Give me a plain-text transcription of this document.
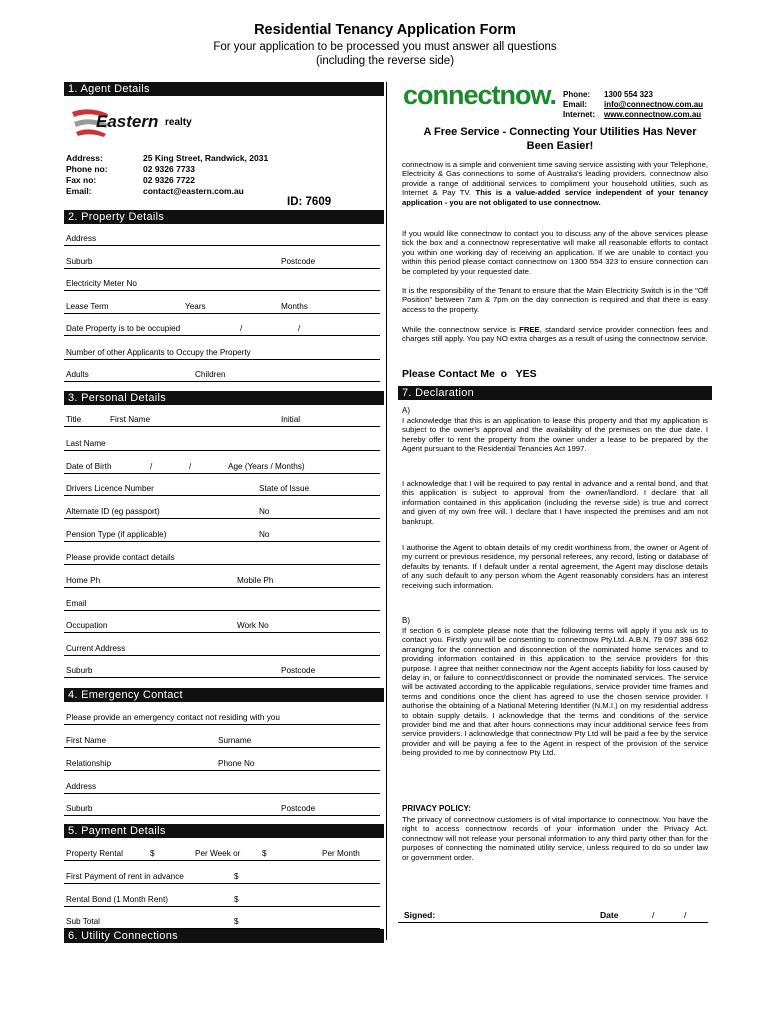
Residential Tenancy Application Form
For your application to be processed you must answer all questions
(including the reverse side)
1. Agent Details
Eastern realty
Address:	25 King Street, Randwick, 2031
Phone no:	02 9326 7733
Fax no:	02 9326 7722
Email:	contact@eastern.com.au
ID: 7609
2. Property Details
Address
Suburb	Postcode
Electricity Meter No
Lease Term	Years	Months
Date Property is to be occupied	/	/
Number of other Applicants to Occupy the Property
Adults	Children
3. Personal Details
Title	First Name	Initial
Last Name
Date of Birth	/	/	Age (Years / Months)
Drivers Licence Number	State of Issue
Alternate ID (eg passport)	No
Pension Type (if applicable)	No
Please provide contact details
Home Ph	Mobile Ph
Email
Occupation	Work No
Current Address
Suburb	Postcode
4. Emergency Contact
Please provide an emergency contact not residing with you
First Name	Surname
Relationship	Phone No
Address
Suburb	Postcode
5. Payment Details
Property Rental	$	Per Week or	$	Per Month
First Payment of rent in advance	$
Rental Bond (1 Month Rent)	$
Sub Total	$
6. Utility Connections
connectnow. Phone: 1300 554 323
Email: info@connectnow.com.au
Internet: www.connectnow.com.au
A Free Service - Connecting Your Utilities Has Never
Been Easier!
connectnow is a simple and convenient time saving service assisting with your Telephone, Electricity & Gas connections to some of Australia's leading providers. connectnow also provide a range of additional services to compliment your household utilities, such as Internet & Pay TV. This is a value-added service independent of your tenancy application - you are not obligated to use connectnow.
If you would like connectnow to contact you to discuss any of the above services please tick the box and a connectnow representative will make all reasonable efforts to contact you within one working day of receiving an application. If we are unable to contact you within this period please contact connectnow on 1300 554 323 to ensure connection can be completed by your requested date.
It is the responsibility of the Tenant to ensure that the Main Electricity Switch is in the "Off Position" between 7am & 7pm on the day connection is required and that there is easy access to the property.
While the connectnow service is FREE, standard service provider connection fees and charges still apply. You pay NO extra charges as a result of using the connectnow service.
Please Contact Me  o   YES
7. Declaration
A)
I acknowledge that this is an application to lease this property and that my application is subject to the owner's approval and the availability of the premises on the due date. I hereby offer to rent the property from the owner under a lease to be prepared by the Agent pursuant to the Residential Tenancies Act 1997.
I acknowledge that I will be required to pay rental in advance and a rental bond, and that this application is subject to approval from the owner/landlord. I declare that all information contained in this application (including the reverse side) is true and correct and given of my own free will. I declare that I have inspected the premises and am not bankrupt.
I authorise the Agent to obtain details of my credit worthiness from, the owner or Agent of my current or previous residence, my personal referees, any record, listing or database of defaults by tenants. If I default under a rental agreement, the Agent may disclose details of any such default to any person whom the Agent reasonably considers has an interest receiving such information.
B)
If section 6 is complete please note that the following terms will apply if you ask us to contact you. Firstly you will be consenting to connectnow Pty.Ltd. A.B.N. 79 097 398 662 arranging for the connection and disconnection of the nominated home services and to providing information contained in this application to the service providers for this purpose. I agree that neither connectnow nor the Agent accepts liability for loss caused by delay in, or failure to connect/disconnect or provide the nominated services. The service will be activated according to the applicable regulations, service provider time frames and terms and conditions once the client has agreed to use the chosen service provider. I authorise the obtaining of a National Metering Identifier (N.M.I.) on my residential address to obtain supply details. I acknowledge that the terms and conditions of the service provider bind me and that after hours connections may incur additional service fees from service providers. I acknowledge that connectnow Pty Ltd will be paid a fee by the service provider and will be paying a fee to the Agent in respect of the provision of the service being provided to me by connectnow Pty Ltd.
PRIVACY POLICY:
The privacy of connectnow customers is of vital importance to connectnow. You have the right to access connectnow records of your information under the Privacy Act. connectnow will not release your personal information to any third party other than for the purposes of connecting the nominated utility service, unless required to do so under law or government order.
Signed:	Date	/	/
